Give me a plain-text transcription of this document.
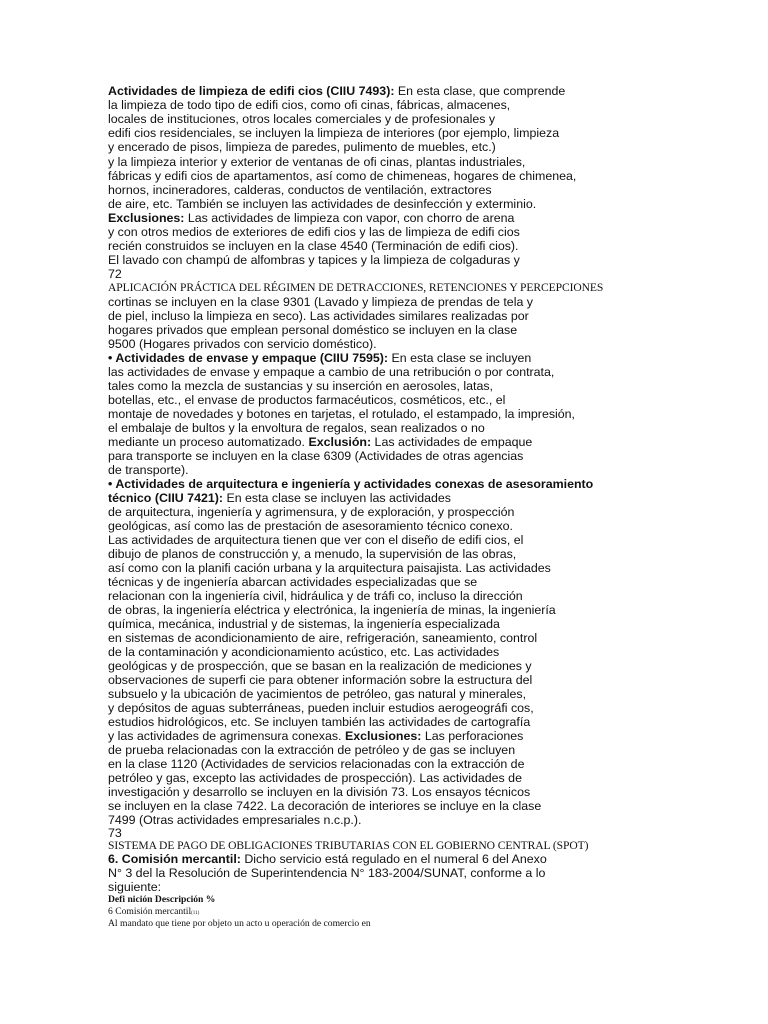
Actividades de limpieza de edifi cios (CIIU 7493): En esta clase, que comprende
la limpieza de todo tipo de edifi cios, como ofi cinas, fábricas, almacenes,
locales de instituciones, otros locales comerciales y de profesionales y
edifi cios residenciales, se incluyen la limpieza de interiores (por ejemplo, limpieza
y encerado de pisos, limpieza de paredes, pulimento de muebles, etc.)
y la limpieza interior y exterior de ventanas de ofi cinas, plantas industriales,
fábricas y edifi cios de apartamentos, así como de chimeneas, hogares de chimenea,
hornos, incineradores, calderas, conductos de ventilación, extractores
de aire, etc. También se incluyen las actividades de desinfección y exterminio.
Exclusiones: Las actividades de limpieza con vapor, con chorro de arena
y con otros medios de exteriores de edifi cios y las de limpieza de edifi cios
recién construidos se incluyen en la clase 4540 (Terminación de edifi cios).
El lavado con champú de alfombras y tapices y la limpieza de colgaduras y
72
APLICACIÓN PRÁCTICA DEL RÉGIMEN DE DETRACCIONES, RETENCIONES Y PERCEPCIONES
cortinas se incluyen en la clase 9301 (Lavado y limpieza de prendas de tela y
de piel, incluso la limpieza en seco). Las actividades similares realizadas por
hogares privados que emplean personal doméstico se incluyen en la clase
9500 (Hogares privados con servicio doméstico).
• Actividades de envase y empaque (CIIU 7595): En esta clase se incluyen
las actividades de envase y empaque a cambio de una retribución o por contrata,
tales como la mezcla de sustancias y su inserción en aerosoles, latas,
botellas, etc., el envase de productos farmacéuticos, cosméticos, etc., el
montaje de novedades y botones en tarjetas, el rotulado, el estampado, la impresión,
el embalaje de bultos y la envoltura de regalos, sean realizados o no
mediante un proceso automatizado. Exclusión: Las actividades de empaque
para transporte se incluyen en la clase 6309 (Actividades de otras agencias
de transporte).
• Actividades de arquitectura e ingeniería y actividades conexas de asesoramiento
técnico (CIIU 7421): En esta clase se incluyen las actividades
de arquitectura, ingeniería y agrimensura, y de exploración, y prospección
geológicas, así como las de prestación de asesoramiento técnico conexo.
Las actividades de arquitectura tienen que ver con el diseño de edifi cios, el
dibujo de planos de construcción y, a menudo, la supervisión de las obras,
así como con la planifi cación urbana y la arquitectura paisajista. Las actividades
técnicas y de ingeniería abarcan actividades especializadas que se
relacionan con la ingeniería civil, hidráulica y de tráfi co, incluso la dirección
de obras, la ingeniería eléctrica y electrónica, la ingeniería de minas, la ingeniería
química, mecánica, industrial y de sistemas, la ingeniería especializada
en sistemas de acondicionamiento de aire, refrigeración, saneamiento, control
de la contaminación y acondicionamiento acústico, etc. Las actividades
geológicas y de prospección, que se basan en la realización de mediciones y
observaciones de superfi cie para obtener información sobre la estructura del
subsuelo y la ubicación de yacimientos de petróleo, gas natural y minerales,
y depósitos de aguas subterráneas, pueden incluir estudios aerogeográfi cos,
estudios hidrológicos, etc. Se incluyen también las actividades de cartografía
y las actividades de agrimensura conexas. Exclusiones: Las perforaciones
de prueba relacionadas con la extracción de petróleo y de gas se incluyen
en la clase 1120 (Actividades de servicios relacionadas con la extracción de
petróleo y gas, excepto las actividades de prospección). Las actividades de
investigación y desarrollo se incluyen en la división 73. Los ensayos técnicos
se incluyen en la clase 7422. La decoración de interiores se incluye en la clase
7499 (Otras actividades empresariales n.c.p.).
73
SISTEMA DE PAGO DE OBLIGACIONES TRIBUTARIAS CON EL GOBIERNO CENTRAL (SPOT)
6. Comisión mercantil: Dicho servicio está regulado en el numeral 6 del Anexo
N° 3 del la Resolución de Superintendencia N° 183-2004/SUNAT, conforme a lo
siguiente:
Defi nición Descripción %
6 Comisión mercantil(11)
Al mandato que tiene por objeto un acto u operación de comercio en
